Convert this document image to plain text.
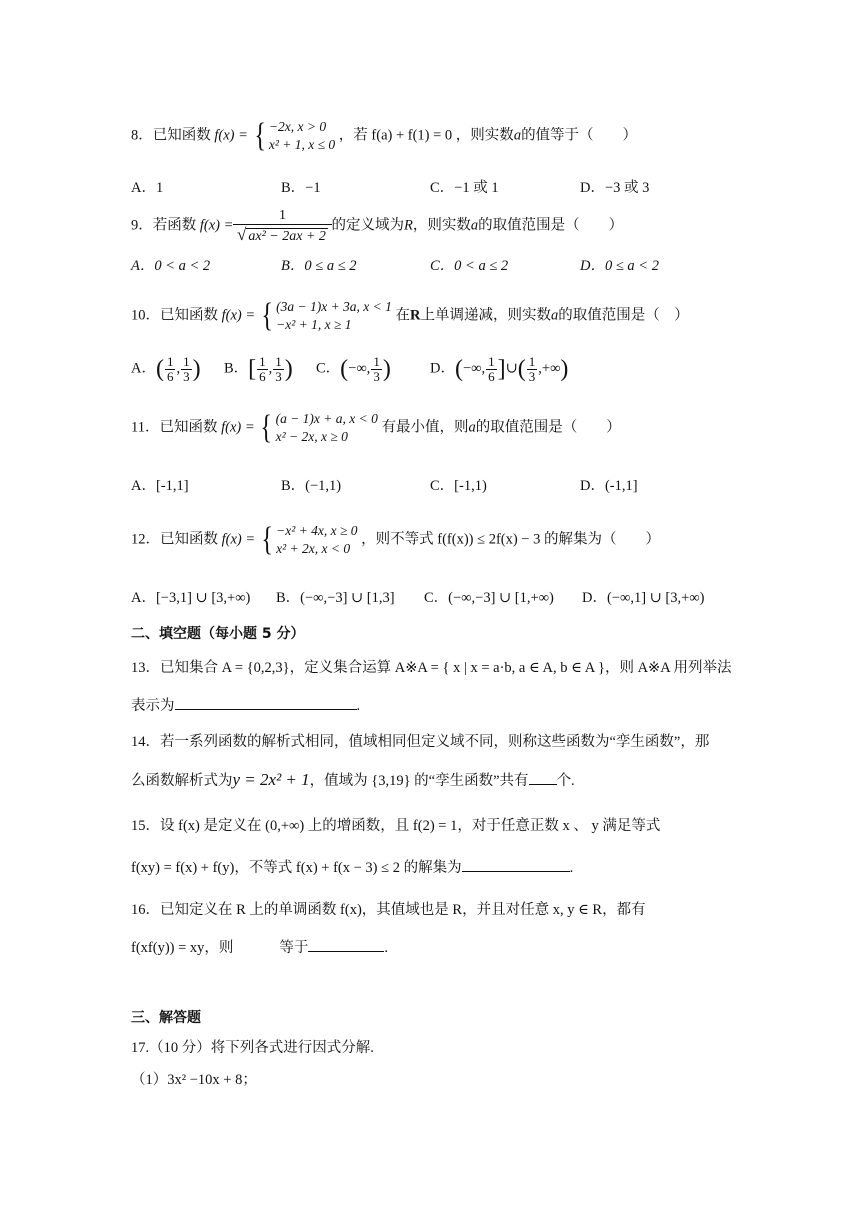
8．已知函数 f(x) = { −2x, x > 0
x² + 1, x ≤ 0
，若 f(a) + f(1) = 0 ，则实数a的值等于（　　）
A．1	B．−1	C．−1 或 1	D．−3 或 3
9．若函数 $f(x) = \frac{1}{\text{√ ax² − 2ax + 2}}$ 的定义域为R，则实数a的取值范围是（　　）
A．0 < a < 2	B．0 ≤ a ≤ 2	C．0 < a ≤ 2	D．0 ≤ a < 2
10．已知函数 f(x) = { (3a − 1)x + 3a, x < 1
−x² + 1, x ≥ 1
在R上单调递减，则实数a的取值范围是（　）
A．( $\frac{1}{6}$ , $\frac{1}{3}$ ) B．[ $\frac{1}{6}$ , $\frac{1}{3}$ ) C．(−∞, $\frac{1}{3}$ )	D．(−∞, $\frac{1}{6}$ ]∪( $\frac{1}{3}$ ,+∞)
11．已知函数 f(x) = { (a − 1)x + a, x < 0
x² − 2x, x ≥ 0
有最小值，则a的取值范围是（　　）
A．[-1,1]	B．(−1,1)	C．[-1,1)	D．(-1,1]
12．已知函数 f(x) = { −x² + 4x, x ≥ 0
x² + 2x, x < 0
，则不等式 f(f(x)) ≤ 2f(x) − 3 的解集为（　　）
A．[−3,1] ∪ [3,+∞) B．(−∞,−3] ∪ [1,3] C．(−∞,−3] ∪ [1,+∞) D．(−∞,1] ∪ [3,+∞)
二、填空题（每小题 5 分）
13．已知集合 A = {0,2,3}，定义集合运算 A※A = { x | x = a·b, a ∈ A, b ∈ A }，则 A※A 用列举法
表示为	.
14．若一系列函数的解析式相同，值域相同但定义域不同，则称这些函数为“孪生函数”，那
么函数解析式为y = 2x² + 1，值域为 {3,19} 的“孪生函数”共有 个.
15．设 f(x) 是定义在 (0,+∞) 上的增函数，且 f(2) = 1，对于任意正数 x 、 y 满足等式
f(xy) = f(x) + f(y)，不等式 f(x) + f(x − 3) ≤ 2 的解集为	.
16．已知定义在 R 上的单调函数 f(x)，其值域也是 R，并且对任意 x, y ∈ R，都有
f(xf(y)) = xy，则	等于	.
三、解答题
17.（10 分）将下列各式进行因式分解.
（1）3x² −10x + 8；
